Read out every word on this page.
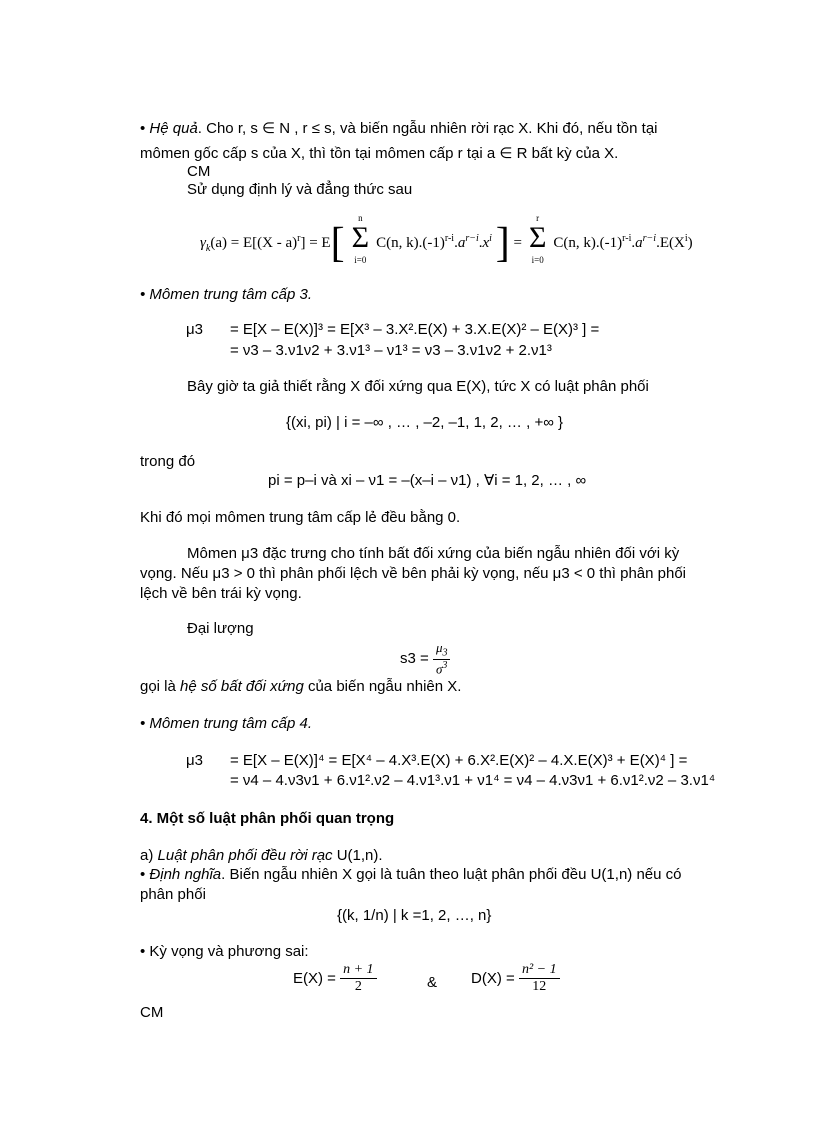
• Hệ quả. Cho r, s ∈ N , r ≤ s, và biến ngẫu nhiên rời rạc X. Khi đó, nếu tồn tại
mômen gốc cấp s của X, thì tồn tại mômen cấp r tại a ∈ R bất kỳ của X.
CM
Sử dụng định lý và đẳng thức sau
$\gamma_k(a) = E[(X - a)^r] = E$[
n
Σ
i=0
C(n, $k).(-1)^{r-i}.a^{r-i}.x^i$ ] =
r
Σ
i=0
C(n, $k).(-1)^{r-i}.a^{r-i}.E(X^i)$
• Mômen trung tâm cấp 3.
μ3 = E[X – E(X)]³ = E[X³ – 3.X².E(X) + 3.X.E(X)² – E(X)³ ] =
= ν3 – 3.ν1ν2 + 3.ν1³ – ν1³ = ν3 – 3.ν1ν2 + 2.ν1³
Bây giờ ta giả thiết rằng X đối xứng qua E(X), tức X có luật phân phối
{(xi, pi) | i = –∞ , … , –2, –1, 1, 2, … , +∞ }
trong đó
pi = p–i và xi – ν1 = –(x–i – ν1) , ∀i = 1, 2, … , ∞
Khi đó mọi mômen trung tâm cấp lẻ đều bằng 0.
Mômen μ3 đặc trưng cho tính bất đối xứng của biến ngẫu nhiên đối với kỳ
vọng. Nếu μ3 > 0 thì phân phối lệch về bên phải kỳ vọng, nếu μ3 < 0 thì phân phối
lệch về bên trái kỳ vọng.
Đại lượng
$s3 = \frac{\mu_3}{\sigma^3}$
gọi là hệ số bất đối xứng của biến ngẫu nhiên X.
• Mômen trung tâm cấp 4.
μ3 = E[X – E(X)]⁴ = E[X⁴ – 4.X³.E(X) + 6.X².E(X)² – 4.X.E(X)³ + E(X)⁴ ] =
= ν4 – 4.ν3ν1 + 6.ν1².ν2 – 4.ν1³.ν1 + ν1⁴ = ν4 – 4.ν3ν1 + 6.ν1².ν2 – 3.ν1⁴
4. Một số luật phân phối quan trọng
a) Luật phân phối đều rời rạc U(1,n).
• Định nghĩa. Biến ngẫu nhiên X gọi là tuân theo luật phân phối đều U(1,n) nếu có
phân phối
{(k, 1/n) | k =1, 2, …, n}
• Kỳ vọng và phương sai:
$E(X) = \frac{n + 1}{2}$	& $D(X) = \frac{\text{n² − 1}}{12}$
CM
